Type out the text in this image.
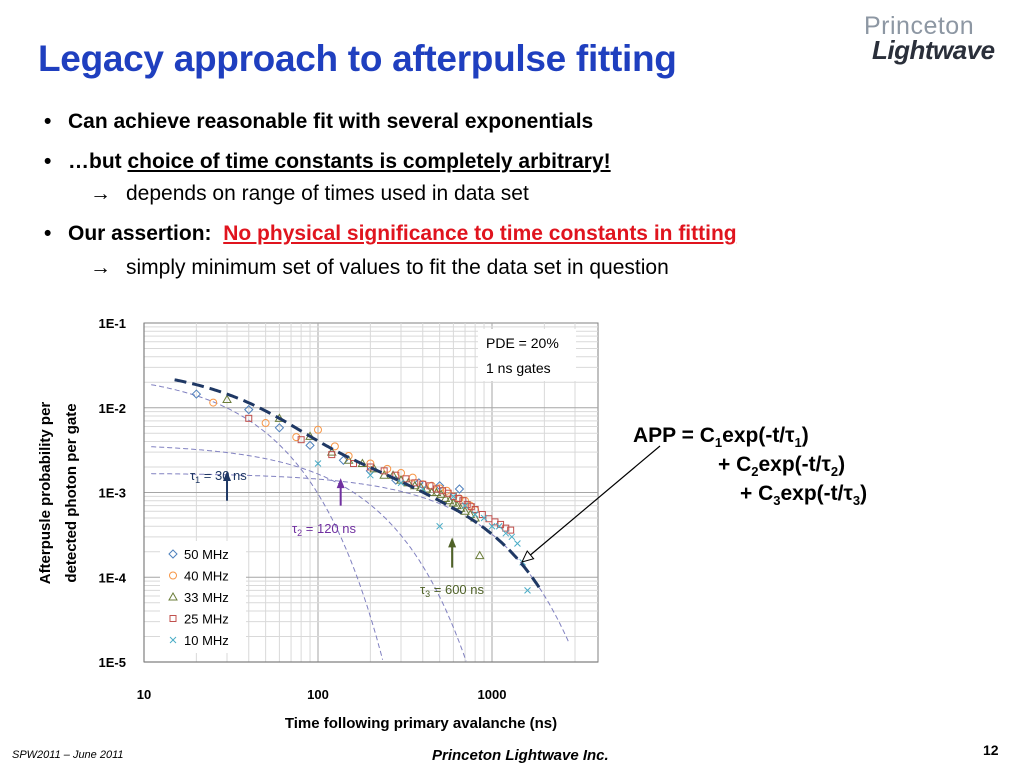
Legacy approach to afterpulse fitting
Princeton
Lightwave
• Can achieve reasonable fit with several exponentials
• …but choice of time constants is completely arbitrary!
→ depends on range of times used in data set
• Our assertion: No physical significance to time constants in fitting
→ simply minimum set of values to fit the data set in question
1E-1
1E-2
1E-3
1E-4
1E-5
10	100	1000
Time following primary avalanche (ns)
Afterpusle probability per detected photon per gate
PDE = 20%
1 ns gates
50 MHz
40 MHz
33 MHz
25 MHz
10 MHz
$\tau_1 = 30$ ns
$\tau_2 = 120$ ns
$\tau_3 = 600$ ns
APP = $C_1\exp(-t/\tau_1)$
+ $C_2\exp(-t/\tau_2)$
+ $C_3\exp(-t/\tau_3)$
SPW2011 – June 2011	Princeton Lightwave Inc.	12
